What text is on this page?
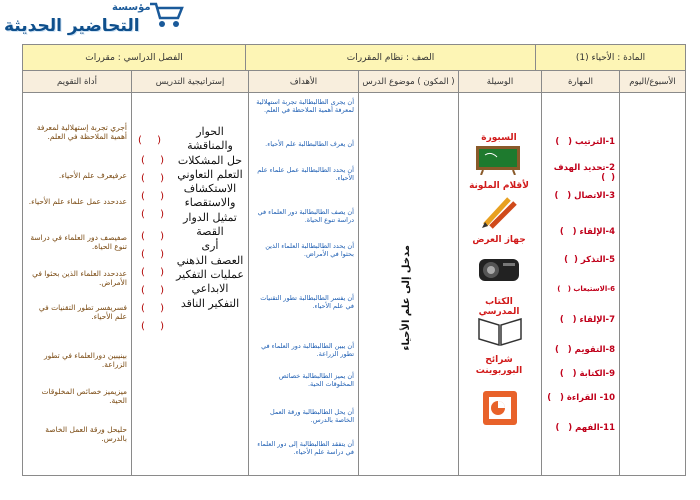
مؤسسة
التحاضير الحديثة
المادة : الأحياء (1)
الصف : نظام المقررات
الفصل الدراسي : مقررات
الأسبوع/اليوم
المهارة
الوسيلة
( المكون ) موضوع الدرس
الأهداف
إستراتيجية التدريس
أداة التقويم
أجري تجربة إستهلالية لمعرفة أهمية الملاحظة في العلم.
عرفيعرف علم الأحياء.
عددحدد عمل علماء علم الأحياء.
صفيصف دور العلماء في دراسة تنوع الحياة.
عددحدد العلماء الذين بحثوا في الأمراض.
فسريفسر تطور التقنيات في علم الأحياء.
بينيبين دورالعلماء في تطور الزراعة.
ميزيميز خصائص المخلوقات الحية.
حليحل ورقة العمل الخاصة بالدرس.
( )
( )
( )
( )
( )
( )
( )
( )
( )
( )
( )
الحوار
والمناقشة
حل المشكلات
التعلم التعاوني
الاستكشاف
والاستقصاء
تمثيل الدوار
القصة
أرى
العصف الذهني
عمليات التفكير
الابداعي
التفكير الناقد
أن يجرى الطالبطالبة تجربة استهلالية لمعرفة أهمية الملاحظة في العلم.
أن يعرف الطالبطالبة علم الأحياء.
أن يحدد الطالبطالبة عمل علماء علم الأحياء.
أن يصف الطالبطالبة دور العلماء في دراسة تنوع الحياة.
أن يحدد الطالبطالبة العلماء الذين بحثوا في الأمراض.
أن يفسر الطالبطالبة تطور التقنيات في علم الأحياء.
أن يبين الطالبطالبة دور العلماء في تطور الزراعة.
أن يميز الطالبطالبة خصائص المخلوقات الحية.
أن يحل الطالبطالبة ورقة العمل الخاصة بالدرس.
أن يتفقد الطالبطالبة إلى دور العلماء في دراسة علم الأحياء.
مدخل إلى علم الأحياء
السبورة
لأقلام الملونة
جهاز العرض
الكتاب المدرسي
شرائح البوربوينت
1-الترتيب (   )
2-تحديد الهدف (  )
3-الاتصال (   )
4-الإلقاء (   )
5-التذكر (  )
6-الاستيعاب (   )
7-الإلقاء (   )
8-التقويم (   )
9-الكتابة (   )
10- القراءة (   )
11-الفهم (   )
